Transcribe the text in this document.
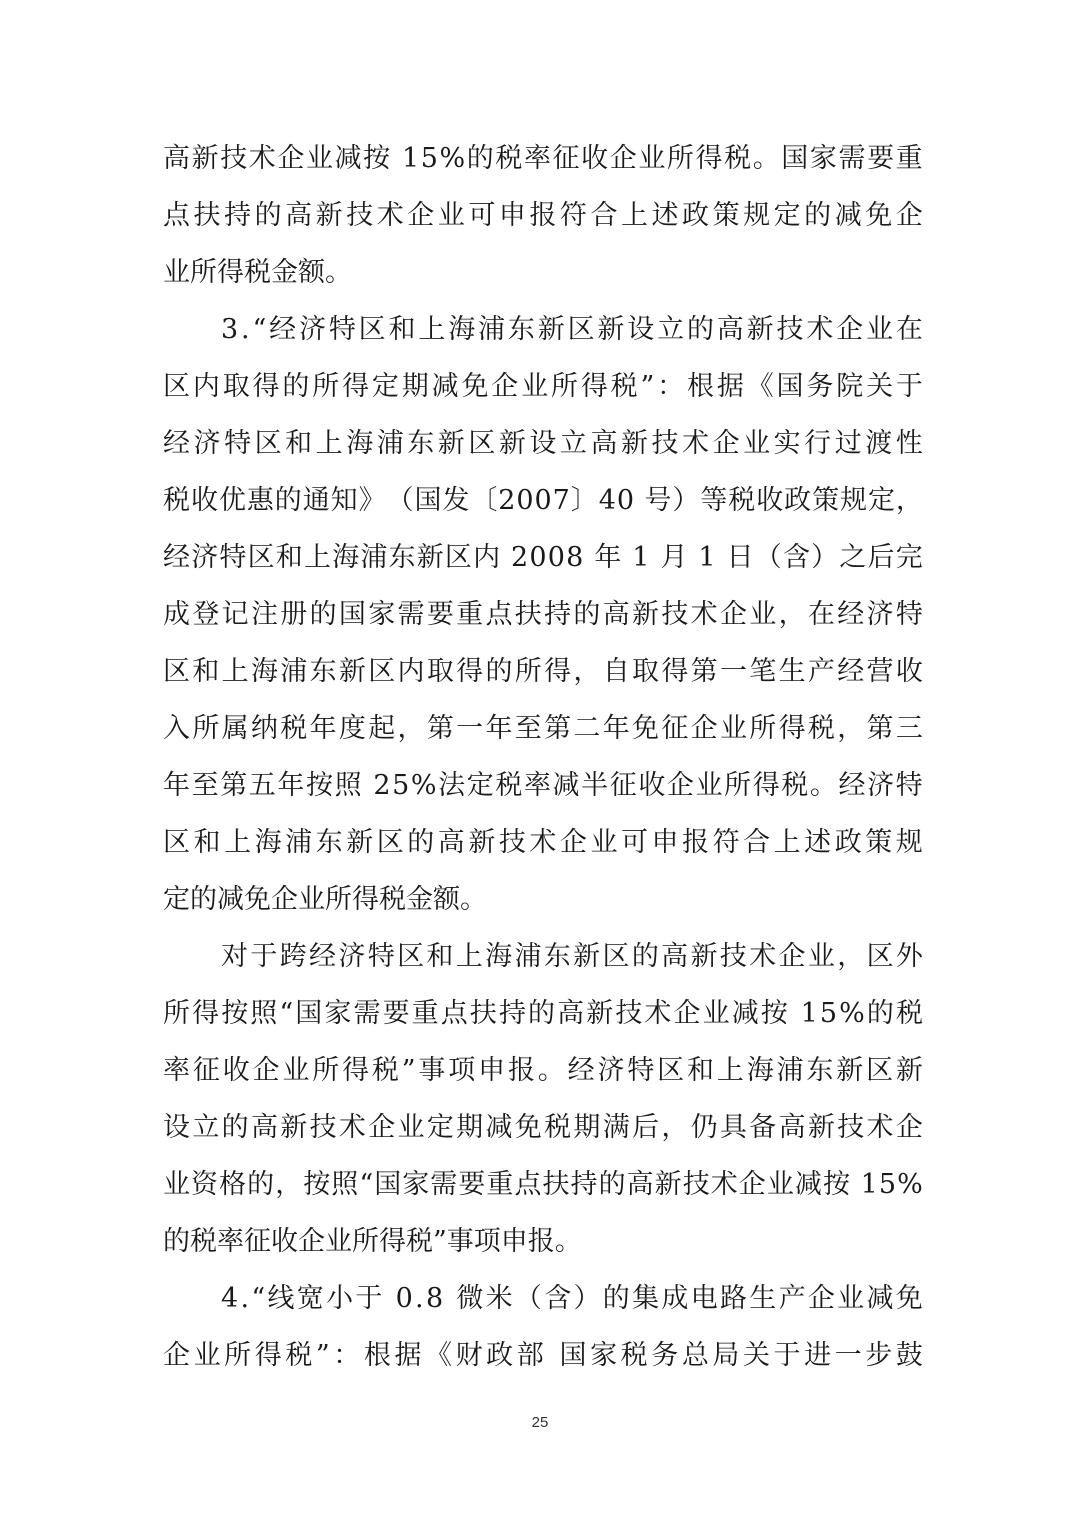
高 新 技 术 企 业 减 按
1 5 % 的 税 率 征 收 企 业 所 得 税 。 国 家 需 要 重
点 扶 持 的 高 新 技 术 企 业 可 申 报 符 合 上 述 政 策 规 定 的 减 免 企
业所得税金额。
3 . “ 经 济 特 区 和 上 海 浦 东 新 区 新 设 立 的 高 新 技 术 企 业 在
区 内 取 得 的 所 得 定 期 减 免 企 业 所 得 税 ” ： 根 据 《 国 务 院 关 于
经 济 特 区 和 上 海 浦 东 新 区 新 设 立 高 新 技 术 企 业 实 行 过 渡 性
税 收 优 惠 的 通 知 》 （ 国 发 〔 2 0 0 7 〕 4 0
号 ） 等 税 收 政 策 规 定 ，
经 济 特 区 和 上 海 浦 东 新 区 内
2 0 0 8
年
1
月
1
日 （ 含 ） 之 后 完
成 登 记 注 册 的 国 家 需 要 重 点 扶 持 的 高 新 技 术 企 业 ， 在 经 济 特
区 和 上 海 浦 东 新 区 内 取 得 的 所 得 ， 自 取 得 第 一 笔 生 产 经 营 收
入 所 属 纳 税 年 度 起 ， 第 一 年 至 第 二 年 免 征 企 业 所 得 税 ， 第 三
年 至 第 五 年 按 照
2 5 % 法 定 税 率 减 半 征 收 企 业 所 得 税 。 经 济 特
区 和 上 海 浦 东 新 区 的 高 新 技 术 企 业 可 申 报 符 合 上 述 政 策 规
定的减免企业所得税金额。
对 于 跨 经 济 特 区 和 上 海 浦 东 新 区 的 高 新 技 术 企 业 ， 区 外
所 得 按 照 “ 国 家 需 要 重 点 扶 持 的 高 新 技 术 企 业 减 按
1 5 % 的 税
率 征 收 企 业 所 得 税 ” 事 项 申 报 。 经 济 特 区 和 上 海 浦 东 新 区 新
设 立 的 高 新 技 术 企 业 定 期 减 免 税 期 满 后 ， 仍 具 备 高 新 技 术 企
业 资 格 的 ， 按 照 “ 国 家 需 要 重 点 扶 持 的 高 新 技 术 企 业 减 按
1 5 %
的税率征收企业所得税”事项申报。
4 . “ 线 宽 小 于
0 . 8
微 米 （ 含 ） 的 集 成 电 路 生 产 企 业 减 免
企 业 所 得 税 ” ： 根 据 《 财 政 部
国 家 税 务 总 局 关 于 进 一 步 鼓
25
